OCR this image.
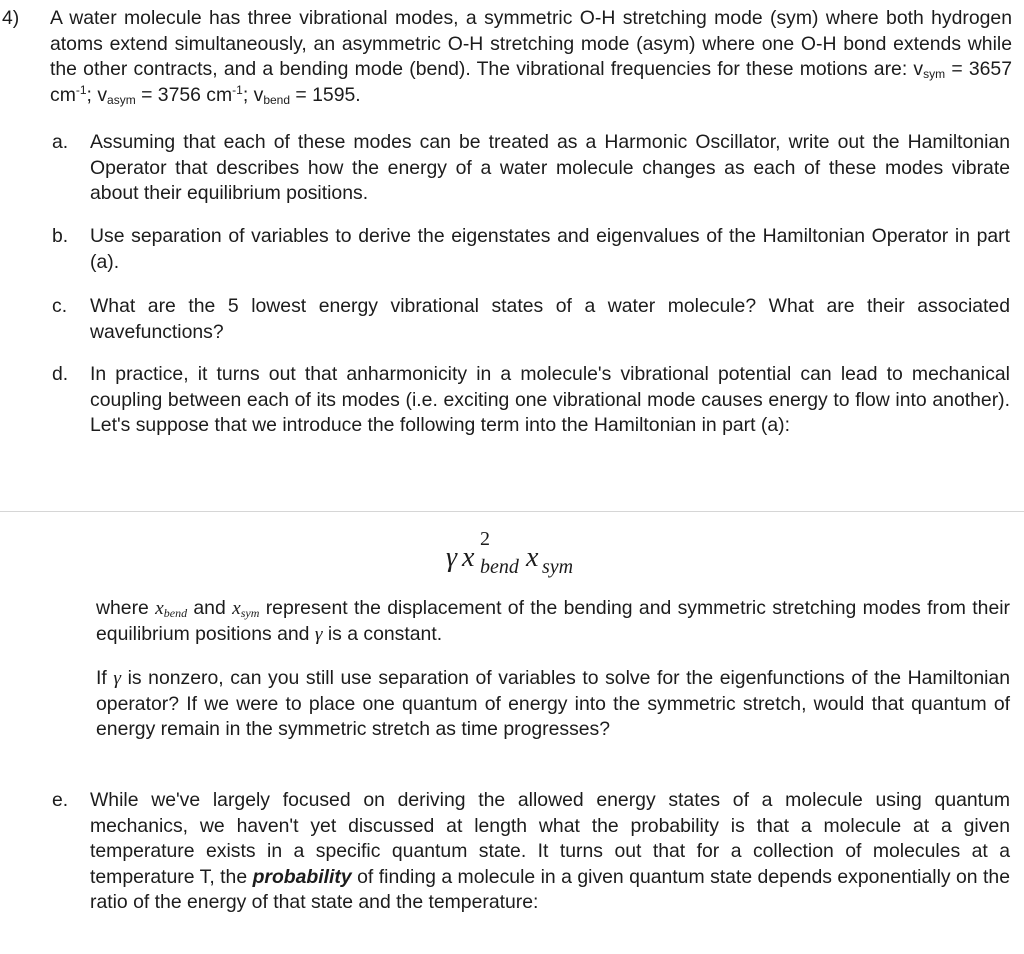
4) A water molecule has three vibrational modes, a symmetric O-H stretching mode (sym) where both hydrogen atoms extend simultaneously, an asymmetric O-H stretching mode (asym) where one O-H bond extends while the other contracts, and a bending mode (bend). The vibrational frequencies for these motions are: $v_{sym} = 3657$ $cm^{-1}$; $v_{asym} = 3756$ $cm^{-1}$; $v_{bend} = 1595$.
a. Assuming that each of these modes can be treated as a Harmonic Oscillator, write out the Hamiltonian Operator that describes how the energy of a water molecule changes as each of these modes vibrate about their equilibrium positions.
b. Use separation of variables to derive the eigenstates and eigenvalues of the Hamiltonian Operator in part (a).
c. What are the 5 lowest energy vibrational states of a water molecule? What are their associated wavefunctions?
d. In practice, it turns out that anharmonicity in a molecule's vibrational potential can lead to mechanical coupling between each of its modes (i.e. exciting one vibrational mode causes energy to flow into another). Let's suppose that we introduce the following term into the Hamiltonian in part (a):
γ x
2
bend x sym
where $x_{bend}$ and $x_{sym}$ represent the displacement of the bending and symmetric stretching modes from their equilibrium positions and γ is a constant.
If γ is nonzero, can you still use separation of variables to solve for the eigenfunctions of the Hamiltonian operator? If we were to place one quantum of energy into the symmetric stretch, would that quantum of energy remain in the symmetric stretch as time progresses?
e. While we've largely focused on deriving the allowed energy states of a molecule using quantum mechanics, we haven't yet discussed at length what the probability is that a molecule at a given temperature exists in a specific quantum state. It turns out that for a collection of molecules at a temperature T, the probability of finding a molecule in a given quantum state depends exponentially on the ratio of the energy of that state and the temperature:
